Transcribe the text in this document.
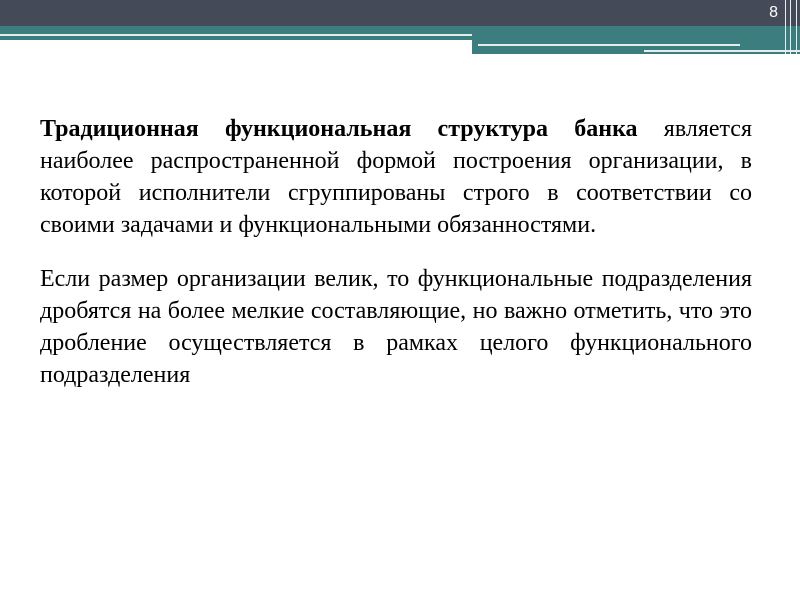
8

Традиционная функциональная структура банка является наиболее распространенной формой построения организации, в которой исполнители сгруппированы строго в соответствии со своими задачами и функциональными обязанностями.

Если размер организации велик, то функциональные подразделения дробятся на более мелкие составляющие, но важно отметить, что это дробление осуществляется в рамках целого функционального подразделения
